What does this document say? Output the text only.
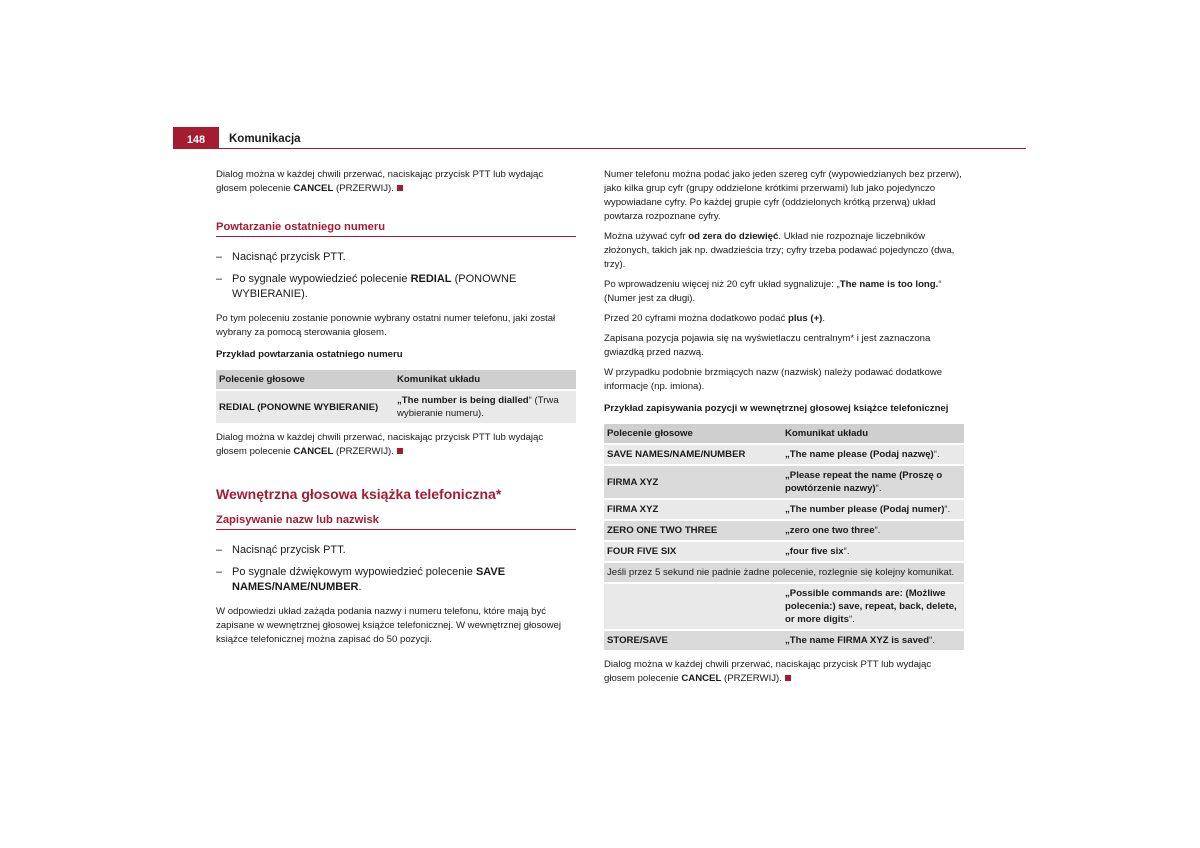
148	Komunikacja

Dialog można w każdej chwili przerwać, naciskając przycisk PTT lub wydając głosem polecenie CANCEL (PRZERWIJ).

Powtarzanie ostatniego numeru
– Nacisnąć przycisk PTT.
– Po sygnale wypowiedzieć polecenie REDIAL (PONOWNE WYBIERANIE).

Po tym poleceniu zostanie ponownie wybrany ostatni numer telefonu, jaki został wybrany za pomocą sterowania głosem.

Przykład powtarzania ostatniego numeru

Polecenie głosowe	Komunikat układu

REDIAL (PONOWNE WYBIERANIE)	„The number is being dialled“ (Trwa wybieranie numeru).

Dialog można w każdej chwili przerwać, naciskając przycisk PTT lub wydając głosem polecenie CANCEL (PRZERWIJ).

Wewnętrzna głosowa książka telefoniczna*
Zapisywanie nazw lub nazwisk
– Nacisnąć przycisk PTT.
– Po sygnale dźwiękowym wypowiedzieć polecenie SAVE NAMES/NAME/NUMBER.

W odpowiedzi układ zażąda podania nazwy i numeru telefonu, które mają być zapisane w wewnętrznej głosowej książce telefonicznej. W wewnętrznej głosowej książce telefonicznej można zapisać do 50 pozycji.

Numer telefonu można podać jako jeden szereg cyfr (wypowiedzianych bez przerw), jako kilka grup cyfr (grupy oddzielone krótkimi przerwami) lub jako pojedynczo wypowiadane cyfry. Po każdej grupie cyfr (oddzielonych krótką przerwą) układ powtarza rozpoznane cyfry.

Można używać cyfr od zera do dziewięć. Układ nie rozpoznaje liczebników złożonych, takich jak np. dwadzieścia trzy; cyfry trzeba podawać pojedynczo (dwa, trzy).

Po wprowadzeniu więcej niż 20 cyfr układ sygnalizuje: „The name is too long.“ (Numer jest za długi).

Przed 20 cyframi można dodatkowo podać plus (+).

Zapisana pozycja pojawia się na wyświetlaczu centralnym* i jest zaznaczona gwiazdką przed nazwą.

W przypadku podobnie brzmiących nazw (nazwisk) należy podawać dodatkowe informacje (np. imiona).

Przykład zapisywania pozycji w wewnętrznej głosowej książce telefonicznej

Polecenie głosowe	Komunikat układu

SAVE NAMES/NAME/NUMBER	„The name please (Podaj nazwę)“.

FIRMA XYZ	„Please repeat the name (Proszę o powtórzenie nazwy)“.

FIRMA XYZ	„The number please (Podaj numer)“.

ZERO ONE TWO THREE	„zero one two three“.

FOUR FIVE SIX	„four five six“.

Jeśli przez 5 sekund nie padnie żadne polecenie, rozlegnie się kolejny komunikat.	

	„Possible commands are: (Możliwe polecenia:) save, repeat, back, delete, or more digits“.

STORE/SAVE	„The name FIRMA XYZ is saved“.

Dialog można w każdej chwili przerwać, naciskając przycisk PTT lub wydając głosem polecenie CANCEL (PRZERWIJ).
